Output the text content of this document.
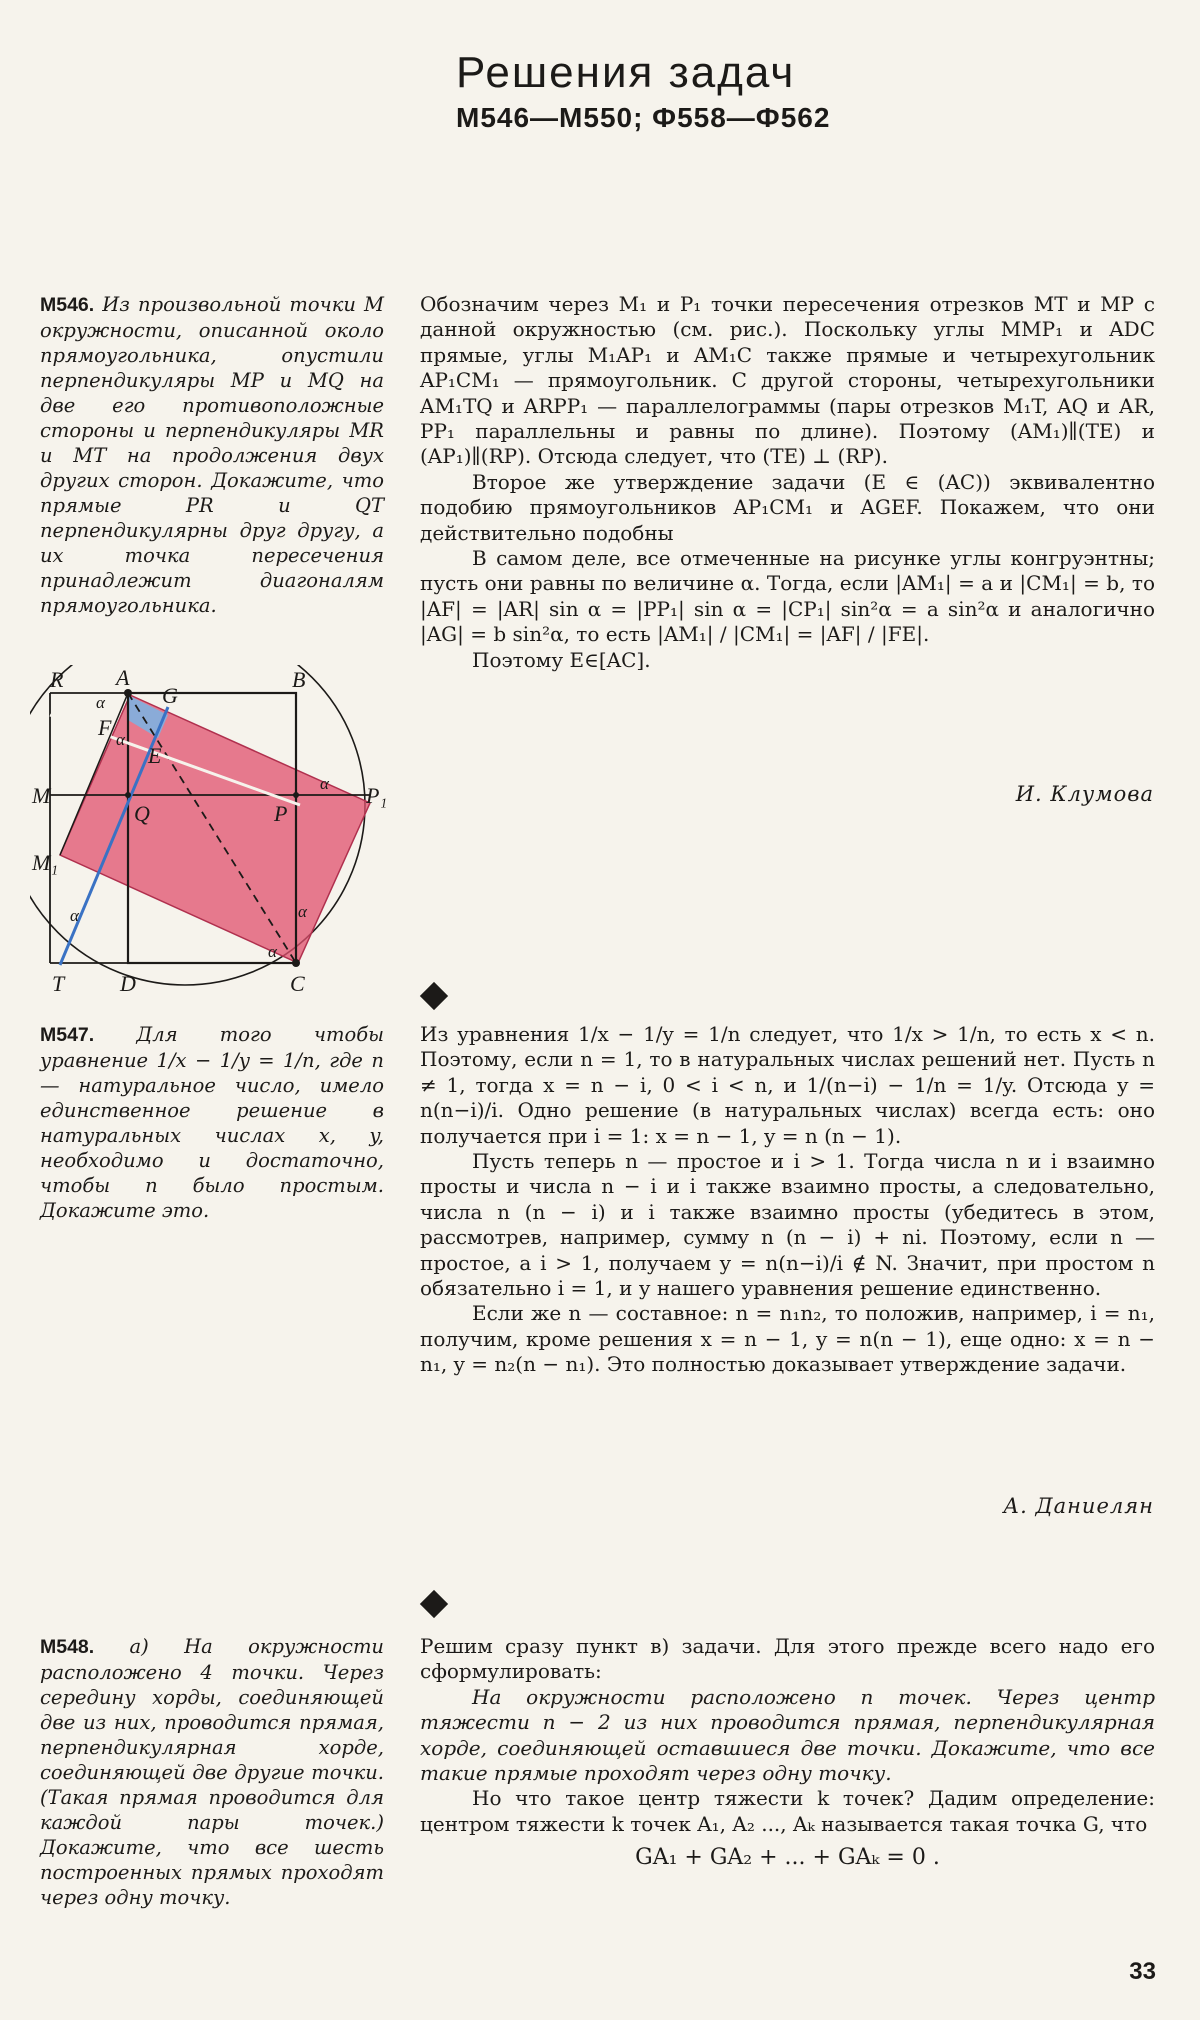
Решения задач
М546—М550; Ф558—Ф562
М546. Из произвольной точки М окружности, описанной около прямоугольника, опустили перпендикуляры МР и MQ на две его противоположные стороны и перпендикуляры MR и МТ на продолжения двух других сторон. Докажите, что прямые PR и QT перпендикулярны друг другу, а их точка пересечения принадлежит диагоналям прямоугольника.

Обозначим через M₁ и P₁ точки пересечения отрезков MT и MP с данной окружностью (см. рис.). Поскольку углы MMP₁ и ADC прямые, углы M₁AP₁ и AM₁C также прямые и четырехугольник AP₁CM₁ — прямоугольник. С другой стороны, четырехугольники AM₁TQ и ARPP₁ — параллелограммы (пары отрезков M₁T, AQ и AR, PP₁ параллельны и равны по длине). Поэтому (AM₁)∥(TE) и (AP₁)∥(RP). Отсюда следует, что (TE) ⊥ (RP).

Второе же утверждение задачи (E ∈ (AC)) эквивалентно подобию прямоугольников AP₁CM₁ и AGEF. Покажем, что они действительно подобны

В самом деле, все отмеченные на рисунке углы конгруэнтны; пусть они равны по величине α. Тогда, если |AM₁| = a и |CM₁| = b, то |AF| = |AR| sin α = |PP₁| sin α = |CP₁| sin²α = a sin²α и аналогично |AG| = b sin²α, то есть |AM₁| / |CM₁| = |AF| / |FE|.

Поэтому E∈[AC].

И. Клумова
R A
G
B
F
E
M
Q	P
P₁
M₁
T	D	C
α
α
α
α
α
α
М547. Для того чтобы уравнение 1/x − 1/y = 1/n, где n — натуральное число, имело единственное решение в натуральных числах x, y, необходимо и достаточно, чтобы n было простым. Докажите это.

Из уравнения 1/x − 1/y = 1/n следует, что 1/x > 1/n, то есть x < n. Поэтому, если n = 1, то в натуральных числах решений нет. Пусть n ≠ 1, тогда x = n − i, 0 < i < n, и 1/(n−i) − 1/n = 1/y. Отсюда y = n(n−i)/i. Одно решение (в натуральных числах) всегда есть: оно получается при i = 1: x = n − 1, y = n (n − 1).

Пусть теперь n — простое и i > 1. Тогда числа n и i взаимно просты и числа n − i и i также взаимно просты, а следовательно, числа n (n − i) и i также взаимно просты (убедитесь в этом, рассмотрев, например, сумму n (n − i) + ni. Поэтому, если n — простое, а i > 1, получаем y = n(n−i)/i ∉ N. Значит, при простом n обязательно i = 1, и у нашего уравнения решение единственно.

Если же n — составное: n = n₁n₂, то положив, например, i = n₁, получим, кроме решения x = n − 1, y = n(n − 1), еще одно: x = n − n₁, y = n₂(n − n₁). Это полностью доказывает утверждение задачи.

А. Даниелян
М548. а) На окружности расположено 4 точки. Через середину хорды, соединяющей две из них, проводится прямая, перпендикулярная хорде, соединяющей две другие точки. (Такая прямая проводится для каждой пары точек.) Докажите, что все шесть построенных прямых проходят через одну точку.

Решим сразу пункт в) задачи. Для этого прежде всего надо его сформулировать:

На окружности расположено n точек. Через центр тяжести n − 2 из них проводится прямая, перпендикулярная хорде, соединяющей оставшиеся две точки. Докажите, что все такие прямые проходят через одну точку.

Но что такое центр тяжести k точек? Дадим определение: центром тяжести k точек A₁, A₂ ..., Aₖ называется такая точка G, что

GA₁ + GA₂ + ... + GAₖ = 0 .

33
